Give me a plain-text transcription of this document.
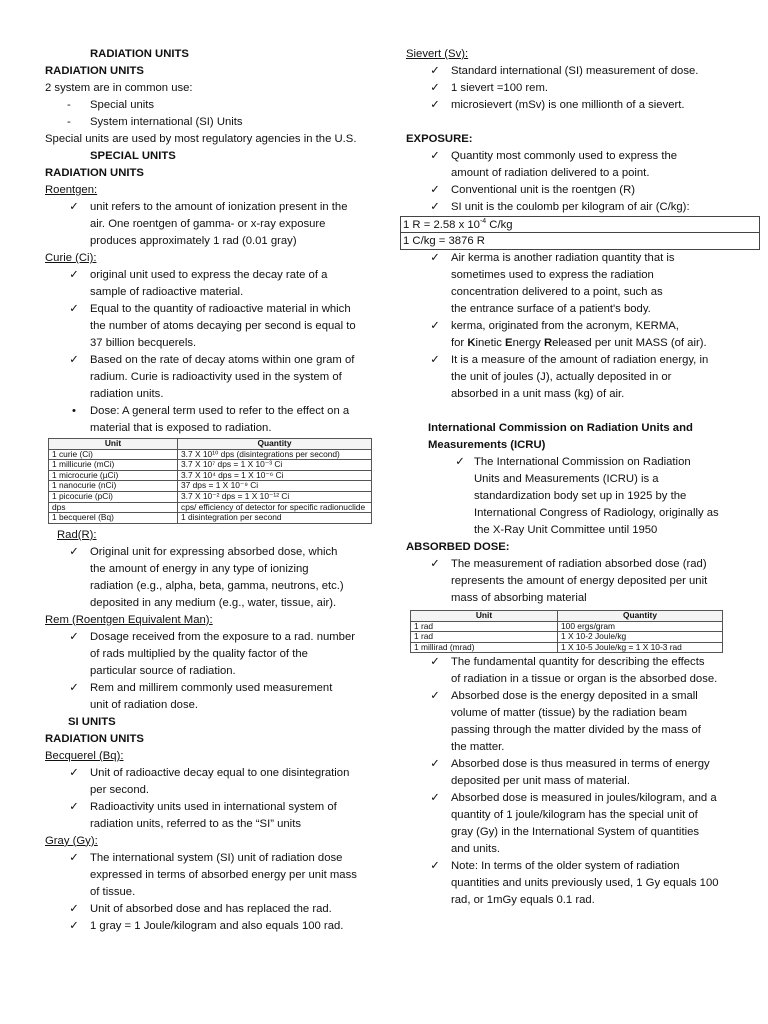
RADIATION UNITS
RADIATION UNITS
2 system are in common use:
- Special units
- System international (SI) Units
Special units are used by most regulatory agencies in the U.S.
SPECIAL UNITS
RADIATION UNITS
Roentgen:
✓ unit refers to the amount of ionization present in the
air. One roentgen of gamma- or x-ray exposure
produces approximately 1 rad (0.01 gray)
Curie (Ci):
✓ original unit used to express the decay rate of a
sample of radioactive material.
✓ Equal to the quantity of radioactive material in which
the number of atoms decaying per second is equal to
37 billion becquerels.
✓ Based on the rate of decay atoms within one gram of
radium. Curie is radioactivity used in the system of
radiation units.
•	Dose: A general term used to refer to the effect on a
material that is exposed to radiation.
Unit	Quantity
1 curie (Ci)	3.7 X 10¹⁰ dps (disintegrations per second)
1 millicurie (mCi)	3.7 X 10⁷ dps = 1 X 10⁻³ Ci
1 microcurie (µCi)	3.7 X 10⁴ dps = 1 X 10⁻⁶ Ci
1 nanocurie (nCi)	37 dps = 1 X 10⁻⁹ Ci
1 picocurie (pCi)	3.7 X 10⁻² dps = 1 X 10⁻¹² Ci
dps	cps/ efficiency of detector for specific radionuclide
1 becquerel (Bq)	1 disintegration per second
Rad(R):
✓ Original unit for expressing absorbed dose, which
the amount of energy in any type of ionizing
radiation (e.g., alpha, beta, gamma, neutrons, etc.)
deposited in any medium (e.g., water, tissue, air).
Rem (Roentgen Equivalent Man):
✓ Dosage received from the exposure to a rad. number
of rads multiplied by the quality factor of the
particular source of radiation.
✓ Rem and millirem commonly used measurement
unit of radiation dose.
SI UNITS
RADIATION UNITS
Becquerel (Bq):
✓ Unit of radioactive decay equal to one disintegration
per second.
✓ Radioactivity units used in international system of
radiation units, referred to as the “SI” units
Gray (Gy):
✓ The international system (SI) unit of radiation dose
expressed in terms of absorbed energy per unit mass
of tissue.
✓ Unit of absorbed dose and has replaced the rad.
✓ 1 gray = 1 Joule/kilogram and also equals 100 rad.
Sievert (Sv):
✓ Standard international (SI) measurement of dose.
✓ 1 sievert =100 rem.
✓ microsievert (mSv) is one millionth of a sievert.
EXPOSURE:
✓ Quantity most commonly used to express the
amount of radiation delivered to a point.
✓ Conventional unit is the roentgen (R)
✓ SI unit is the coulomb per kilogram of air (C/kg):
1 R = 2.58 x $10^{-4}$ C/kg
1 C/kg = 3876 R
✓ Air kerma is another radiation quantity that is
sometimes used to express the radiation
concentration delivered to a point, such as
the entrance surface of a patient's body.
✓ kerma, originated from the acronym, KERMA,
for Kinetic Energy Released per unit MASS (of air).
✓ It is a measure of the amount of radiation energy, in
the unit of joules (J), actually deposited in or
absorbed in a unit mass (kg) of air.
International Commission on Radiation Units and
Measurements (ICRU)
✓ The International Commission on Radiation
Units and Measurements (ICRU) is a
standardization body set up in 1925 by the
International Congress of Radiology, originally as
the X-Ray Unit Committee until 1950
ABSORBED DOSE:
✓ The measurement of radiation absorbed dose (rad)
represents the amount of energy deposited per unit
mass of absorbing material
Unit	Quantity
1 rad	100 ergs/gram
1 rad	1 X 10-2 Joule/kg
1 millirad (mrad)	1 X 10-5 Joule/kg = 1 X 10-3 rad
✓ The fundamental quantity for describing the effects
of radiation in a tissue or organ is the absorbed dose.
✓ Absorbed dose is the energy deposited in a small
volume of matter (tissue) by the radiation beam
passing through the matter divided by the mass of
the matter.
✓ Absorbed dose is thus measured in terms of energy
deposited per unit mass of material.
✓ Absorbed dose is measured in joules/kilogram, and a
quantity of 1 joule/kilogram has the special unit of
gray (Gy) in the International System of quantities
and units.
✓ Note: In terms of the older system of radiation
quantities and units previously used, 1 Gy equals 100
rad, or 1mGy equals 0.1 rad.
